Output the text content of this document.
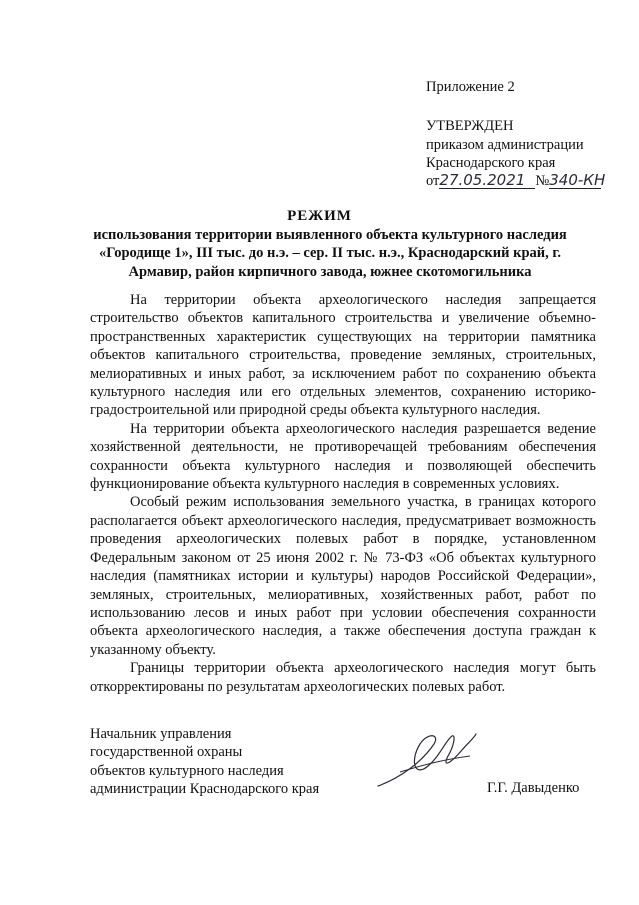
Приложение 2
УТВЕРЖДЕН
приказом администрации
Краснодарского края
от27.05.2021 №340-КН
РЕЖИМ
использования территории выявленного объекта культурного наследия «Городище 1», III тыс. до н.э. – сер. II тыс. н.э., Краснодарский край, г. Армавир, район кирпичного завода, южнее скотомогильника

На территории объекта археологического наследия запрещается строительство объектов капитального строительства и увеличение объемно-пространственных характеристик существующих на территории памятника объектов капитального строительства, проведение земляных, строительных, мелиоративных и иных работ, за исключением работ по сохранению объекта культурного наследия или его отдельных элементов, сохранению историко-градостроительной или природной среды объекта культурного наследия.

На территории объекта археологического наследия разрешается ведение хозяйственной деятельности, не противоречащей требованиям обеспечения сохранности объекта культурного наследия и позволяющей обеспечить функционирование объекта культурного наследия в современных условиях.

Особый режим использования земельного участка, в границах которого располагается объект археологического наследия, предусматривает возможность проведения археологических полевых работ в порядке, установленном Федеральным законом от 25 июня 2002 г. № 73-ФЗ «Об объектах культурного наследия (памятниках истории и культуры) народов Российской Федерации», земляных, строительных, мелиоративных, хозяйственных работ, работ по использованию лесов и иных работ при условии обеспечения сохранности объекта археологического наследия, а также обеспечения доступа граждан к указанному объекту.

Границы территории объекта археологического наследия могут быть откорректированы по результатам археологических полевых работ.

Начальник управления
государственной охраны
объектов культурного наследия
администрации Краснодарского края	Г.Г. Давыденко
